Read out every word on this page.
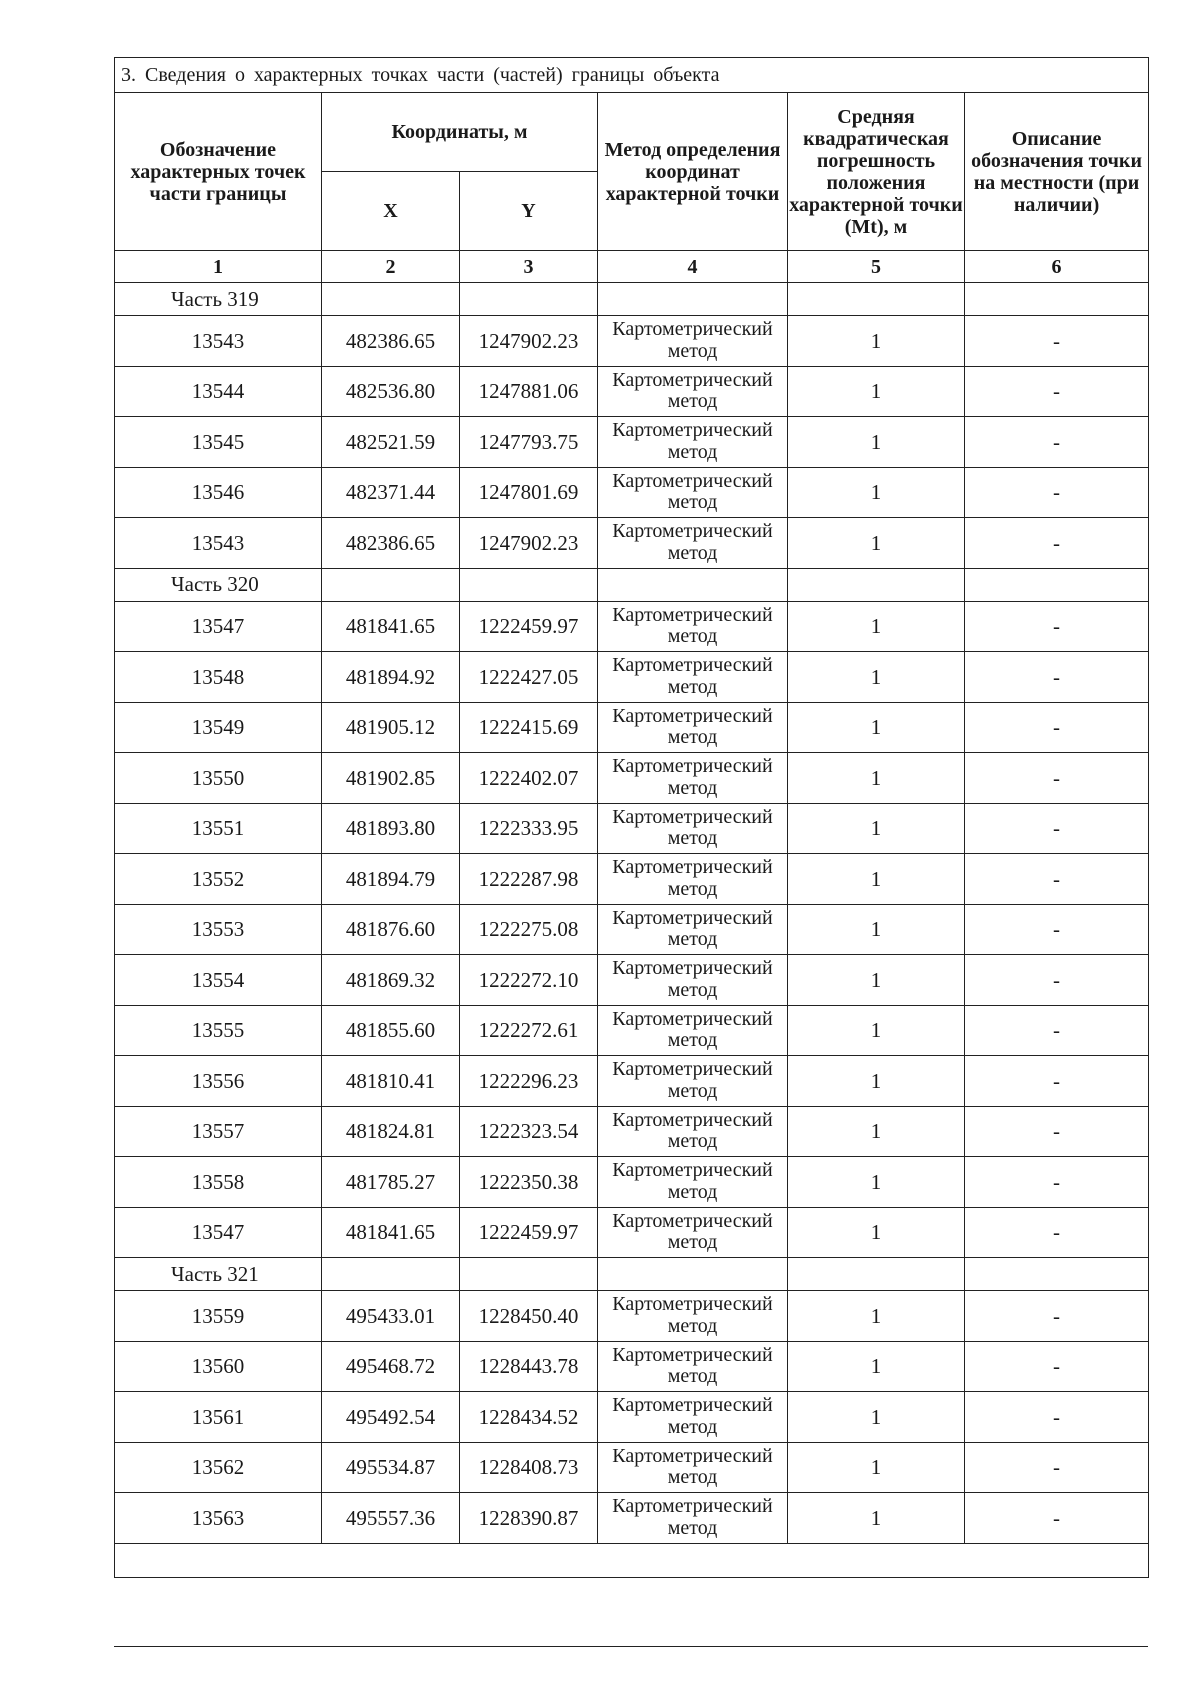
3. Сведения о характерных точках части (частей) границы объекта					
Обозначение характерных точек части границы	Координаты, м		Метод определения координат характерной точки	Средняя квадратическая погрешность положения характерной точки (Mt), м	Описание обозначения точки на местности (при наличии)
	X	Y			
1	2	3	4	5	6
Часть 319					
13543	482386.65	1247902.23	Картометрический метод	1	-
13544	482536.80	1247881.06	Картометрический метод	1	-
13545	482521.59	1247793.75	Картометрический метод	1	-
13546	482371.44	1247801.69	Картометрический метод	1	-
13543	482386.65	1247902.23	Картометрический метод	1	-
Часть 320					
13547	481841.65	1222459.97	Картометрический метод	1	-
13548	481894.92	1222427.05	Картометрический метод	1	-
13549	481905.12	1222415.69	Картометрический метод	1	-
13550	481902.85	1222402.07	Картометрический метод	1	-
13551	481893.80	1222333.95	Картометрический метод	1	-
13552	481894.79	1222287.98	Картометрический метод	1	-
13553	481876.60	1222275.08	Картометрический метод	1	-
13554	481869.32	1222272.10	Картометрический метод	1	-
13555	481855.60	1222272.61	Картометрический метод	1	-
13556	481810.41	1222296.23	Картометрический метод	1	-
13557	481824.81	1222323.54	Картометрический метод	1	-
13558	481785.27	1222350.38	Картометрический метод	1	-
13547	481841.65	1222459.97	Картометрический метод	1	-
Часть 321					
13559	495433.01	1228450.40	Картометрический метод	1	-
13560	495468.72	1228443.78	Картометрический метод	1	-
13561	495492.54	1228434.52	Картометрический метод	1	-
13562	495534.87	1228408.73	Картометрический метод	1	-
13563	495557.36	1228390.87	Картометрический метод	1	-
